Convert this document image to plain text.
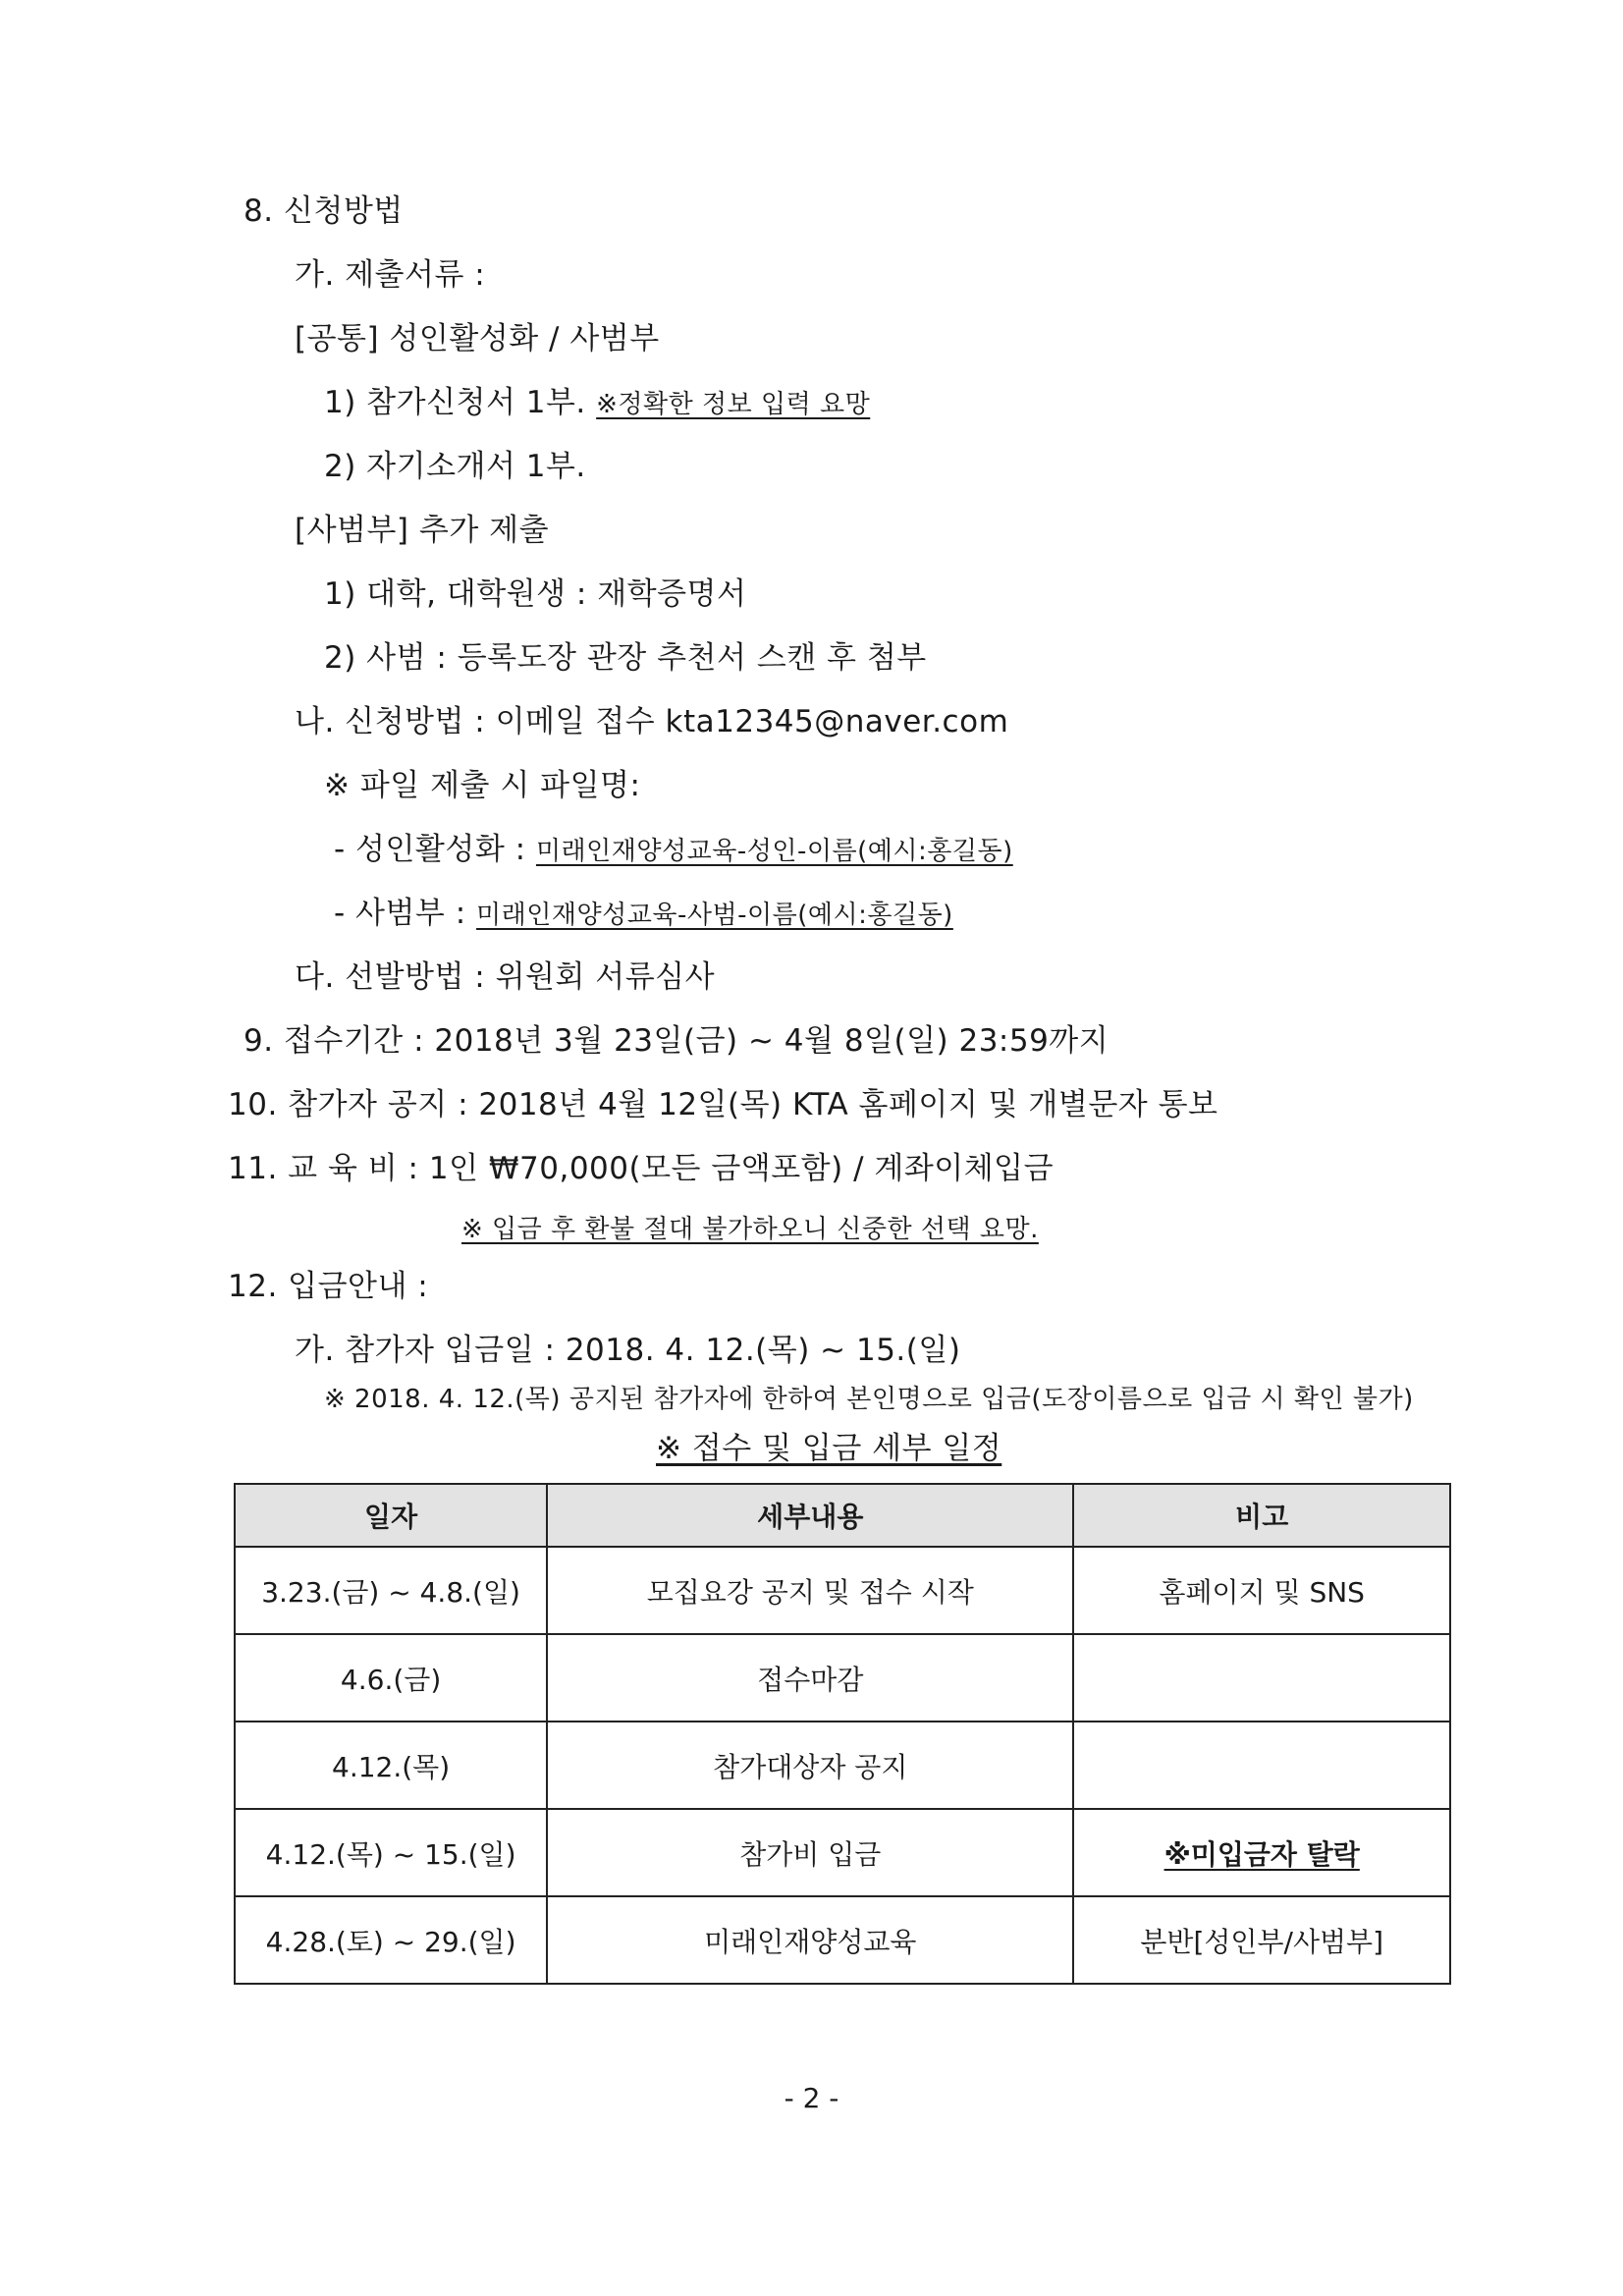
8. 신청방법
가. 제출서류 :
[공통] 성인활성화 / 사범부
1) 참가신청서 1부. ※정확한 정보 입력 요망
2) 자기소개서 1부.
[사범부] 추가 제출
1) 대학, 대학원생 : 재학증명서
2) 사범 : 등록도장 관장 추천서 스캔 후 첨부
나. 신청방법 : 이메일 접수 kta12345@naver.com
※ 파일 제출 시 파일명:
- 성인활성화 : 미래인재양성교육-성인-이름(예시:홍길동)
- 사범부 : 미래인재양성교육-사범-이름(예시:홍길동)
다. 선발방법 : 위원회 서류심사
9. 접수기간 : 2018년 3월 23일(금) ~ 4월 8일(일) 23:59까지
10. 참가자 공지 : 2018년 4월 12일(목) KTA 홈페이지 및 개별문자 통보
11. 교 육 비 : 1인 ₩70,000(모든 금액포함) / 계좌이체입금
※ 입금 후 환불 절대 불가하오니 신중한 선택 요망.
12. 입금안내 :
가. 참가자 입금일 : 2018. 4. 12.(목) ~ 15.(일)
※ 2018. 4. 12.(목) 공지된 참가자에 한하여 본인명으로 입금(도장이름으로 입금 시 확인 불가)
※ 접수 및 입금 세부 일정
일자	세부내용	비고
3.23.(금) ~ 4.8.(일)	모집요강 공지 및 접수 시작	홈페이지 및 SNS
4.6.(금)	접수마감	
4.12.(목)	참가대상자 공지	
4.12.(목) ~ 15.(일)	참가비 입금	※미입금자 탈락
4.28.(토) ~ 29.(일)	미래인재양성교육	분반[성인부/사범부]
- 2 -
